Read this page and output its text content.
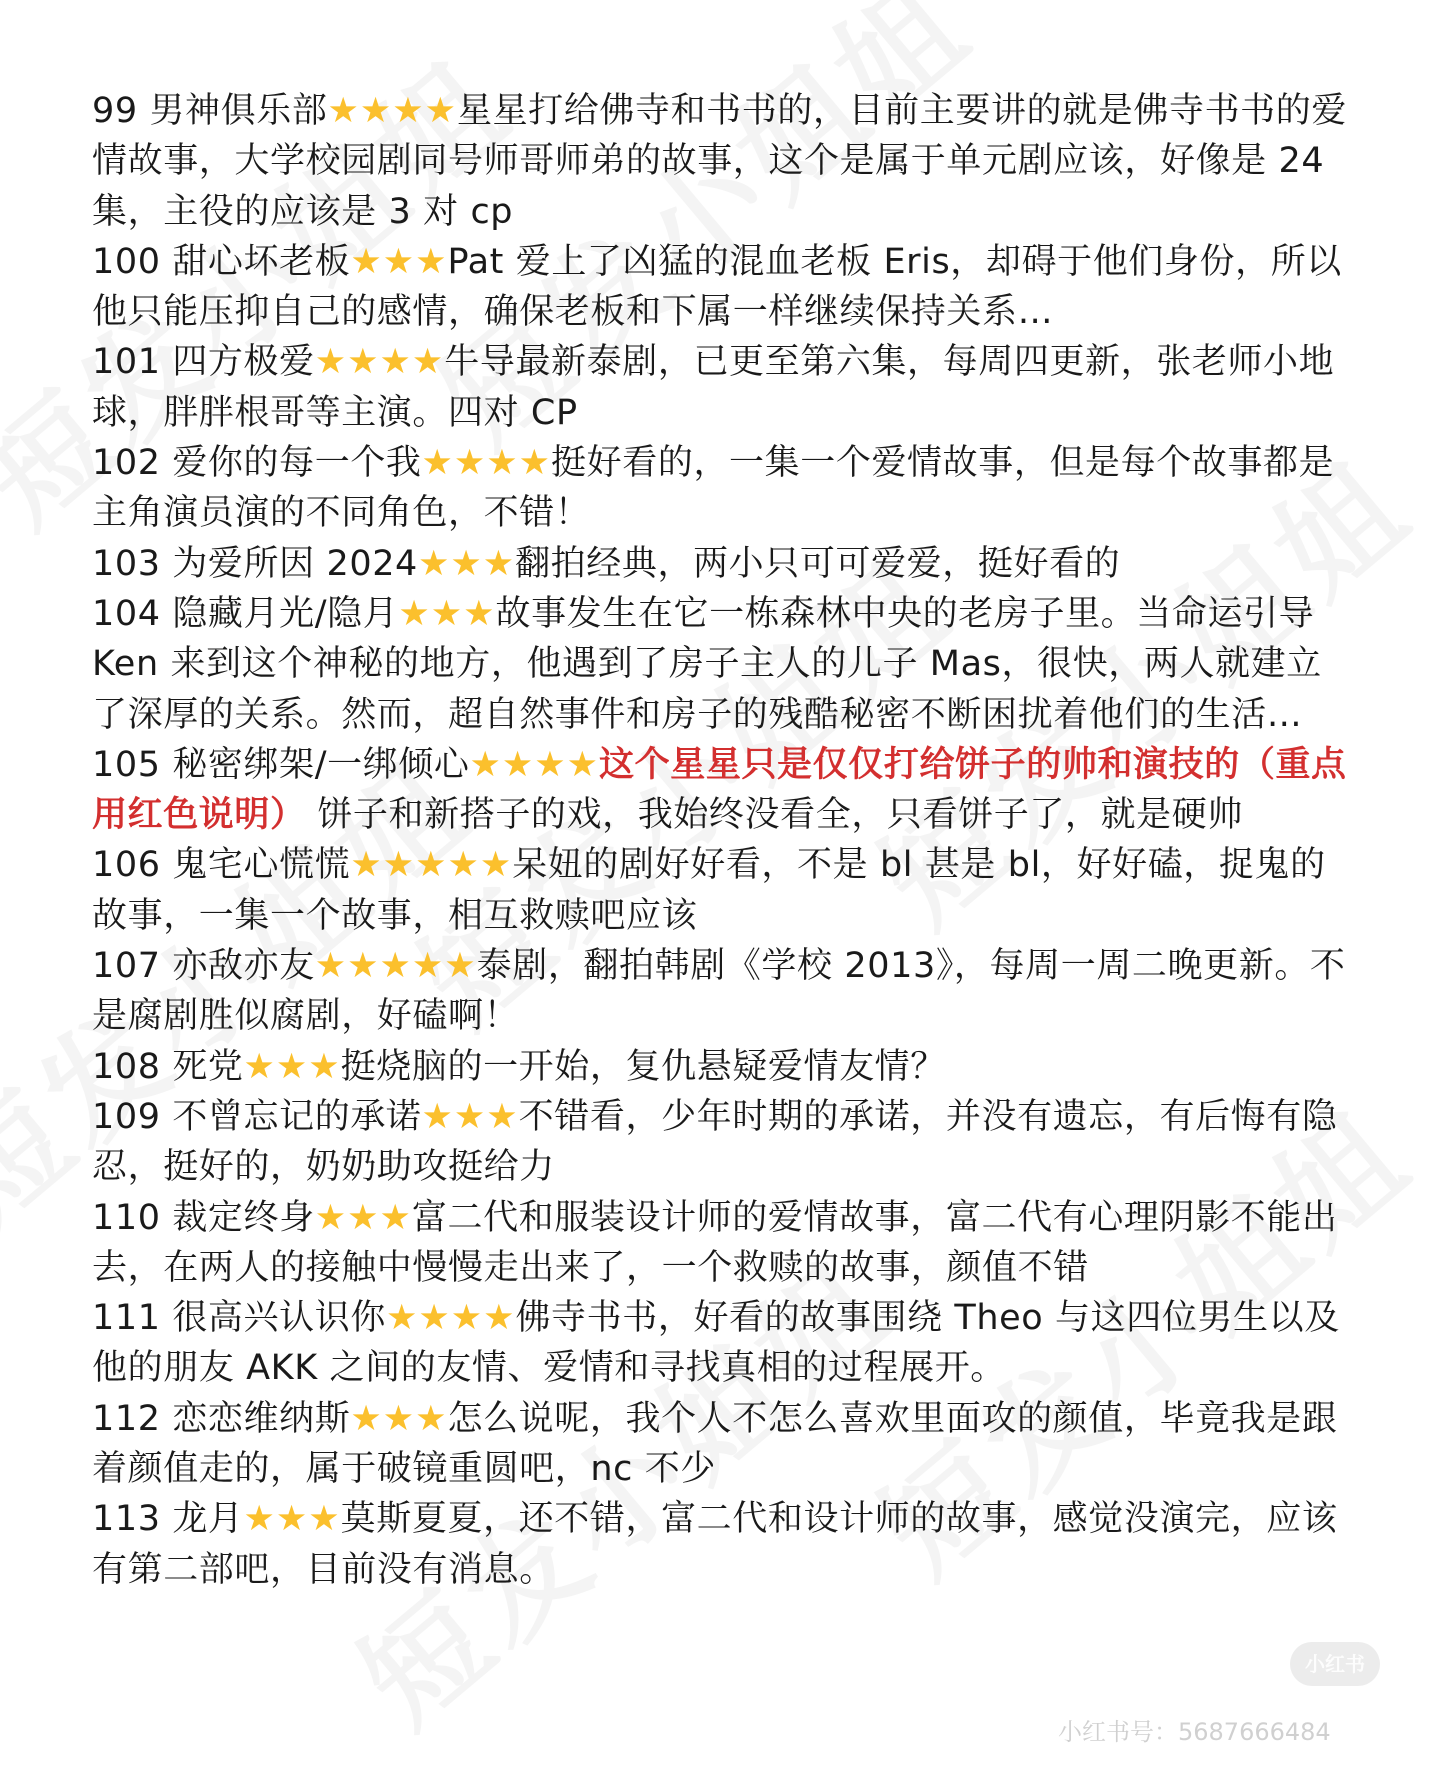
99 男神俱乐部★★★★星星打给佛寺和书书的，目前主要讲的就是佛寺书书的爱情故事，大学校园剧同号师哥师弟的故事，这个是属于单元剧应该，好像是 24 集，主役的应该是 3 对 cp

100 甜心坏老板★★★Pat 爱上了凶猛的混血老板 Eris，却碍于他们身份，所以他只能压抑自己的感情，确保老板和下属一样继续保持关系…

101 四方极爱★★★★牛导最新泰剧，已更至第六集，每周四更新，张老师小地球，胖胖根哥等主演。四对 CP

102 爱你的每一个我★★★★挺好看的，一集一个爱情故事，但是每个故事都是主角演员演的不同角色，不错！

103 为爱所因 2024★★★翻拍经典，两小只可可爱爱，挺好看的

104 隐藏月光/隐月★★★故事发生在它一栋森林中央的老房子里。当命运引导 Ken 来到这个神秘的地方，他遇到了房子主人的儿子 Mas，很快，两人就建立了深厚的关系。然而，超自然事件和房子的残酷秘密不断困扰着他们的生活…

105 秘密绑架/一绑倾心★★★★这个星星只是仅仅打给饼子的帅和演技的（重点用红色说明） 饼子和新搭子的戏，我始终没看全，只看饼子了，就是硬帅

106 鬼宅心慌慌★★★★★呆妞的剧好好看，不是 bl 甚是 bl，好好磕，捉鬼的故事，一集一个故事，相互救赎吧应该

107 亦敌亦友★★★★★泰剧，翻拍韩剧《学校 2013》，每周一周二晚更新。不是腐剧胜似腐剧，好磕啊！

108 死党★★★挺烧脑的一开始，复仇悬疑爱情友情？

109 不曾忘记的承诺★★★不错看，少年时期的承诺，并没有遗忘，有后悔有隐忍，挺好的，奶奶助攻挺给力

110 裁定终身★★★富二代和服装设计师的爱情故事，富二代有心理阴影不能出去，在两人的接触中慢慢走出来了，一个救赎的故事，颜值不错

111 很高兴认识你★★★★佛寺书书，好看的故事围绕 Theo 与这四位男生以及他的朋友 AKK 之间的友情、爱情和寻找真相的过程展开。

112 恋恋维纳斯★★★怎么说呢，我个人不怎么喜欢里面攻的颜值，毕竟我是跟着颜值走的，属于破镜重圆吧，nc 不少

113 龙月★★★莫斯夏夏，还不错，富二代和设计师的故事，感觉没演完，应该有第二部吧，目前没有消息。

小红书
小红书号：5687666484
